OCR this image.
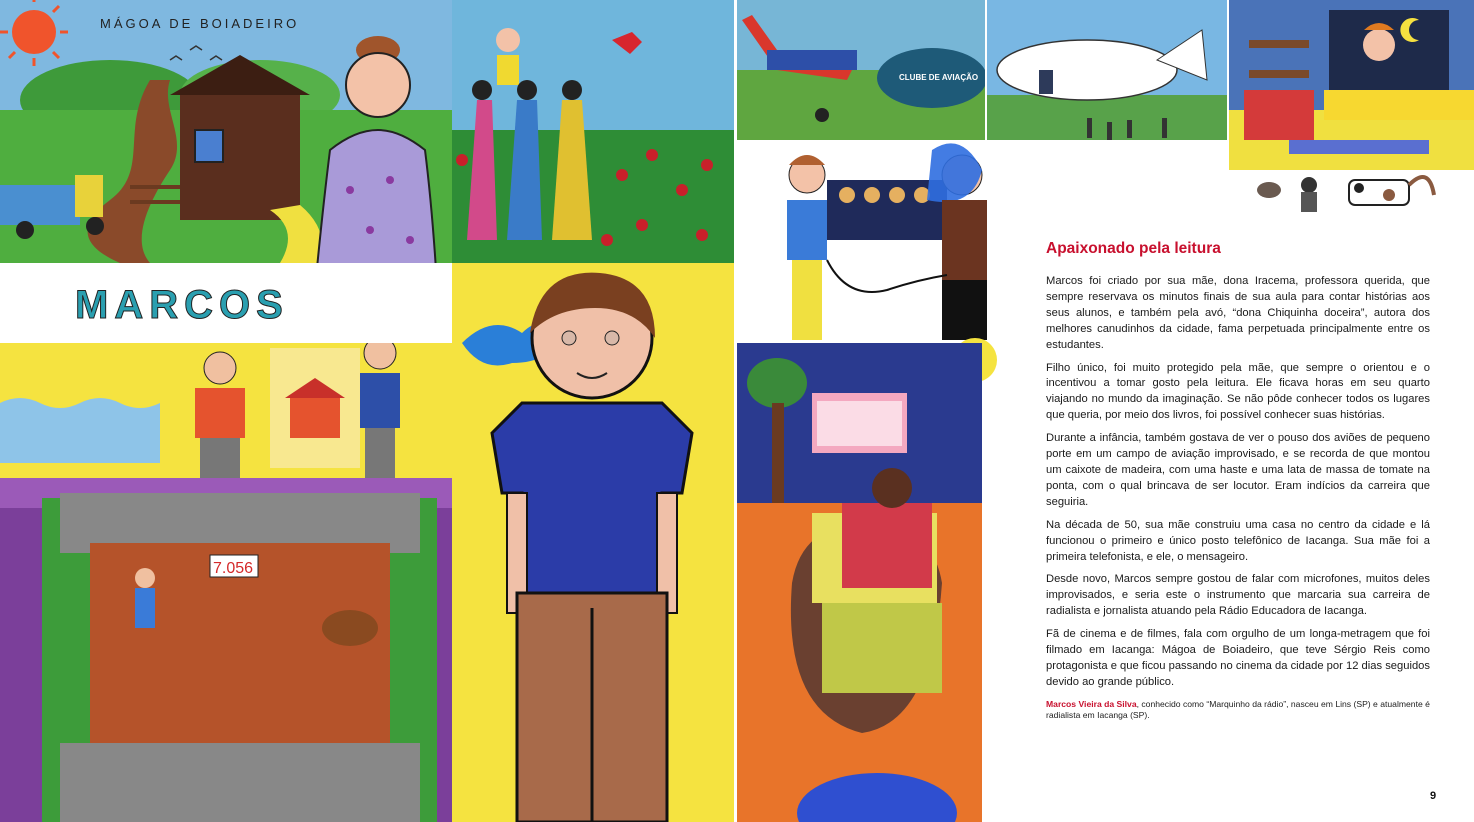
MÁGOA DE BOIADEIRO
CLUBE DE AVIAÇÃO
MARCOS
7.056
Apaixonado pela leitura

Marcos foi criado por sua mãe, dona Iracema, professora querida, que sempre reservava os minutos finais de sua aula para contar histórias aos seus alunos, e também pela avó, “dona Chiquinha doceira”, autora dos melhores canudinhos da cidade, fama perpetuada principalmente entre os estudantes.

Filho único, foi muito protegido pela mãe, que sempre o orientou e o incentivou a tomar gosto pela leitura. Ele ficava horas em seu quarto viajando no mundo da imaginação. Se não pôde conhecer todos os lugares que queria, por meio dos livros, foi possível conhecer suas histórias.

Durante a infância, também gostava de ver o pouso dos aviões de pequeno porte em um campo de aviação improvisado, e se recorda de que montou um caixote de madeira, com uma haste e uma lata de massa de tomate na ponta, com o qual brincava de ser locutor. Eram indícios da carreira que seguiria.

Na década de 50, sua mãe construiu uma casa no centro da cidade e lá funcionou o primeiro e único posto telefônico de Iacanga. Sua mãe foi a primeira telefonista, e ele, o mensageiro.

Desde novo, Marcos sempre gostou de falar com microfones, muitos deles improvisados, e seria este o instrumento que marcaria sua carreira de radialista e jornalista atuando pela Rádio Educadora de Iacanga.

Fã de cinema e de filmes, fala com orgulho de um longa-metragem que foi filmado em Iacanga: Mágoa de Boiadeiro, que teve Sérgio Reis como protagonista e que ficou passando no cinema da cidade por 12 dias seguidos devido ao grande público.

Marcos Vieira da Silva, conhecido como “Marquinho da rádio”, nasceu em Lins (SP) e atualmente é radialista em Iacanga (SP).
9
